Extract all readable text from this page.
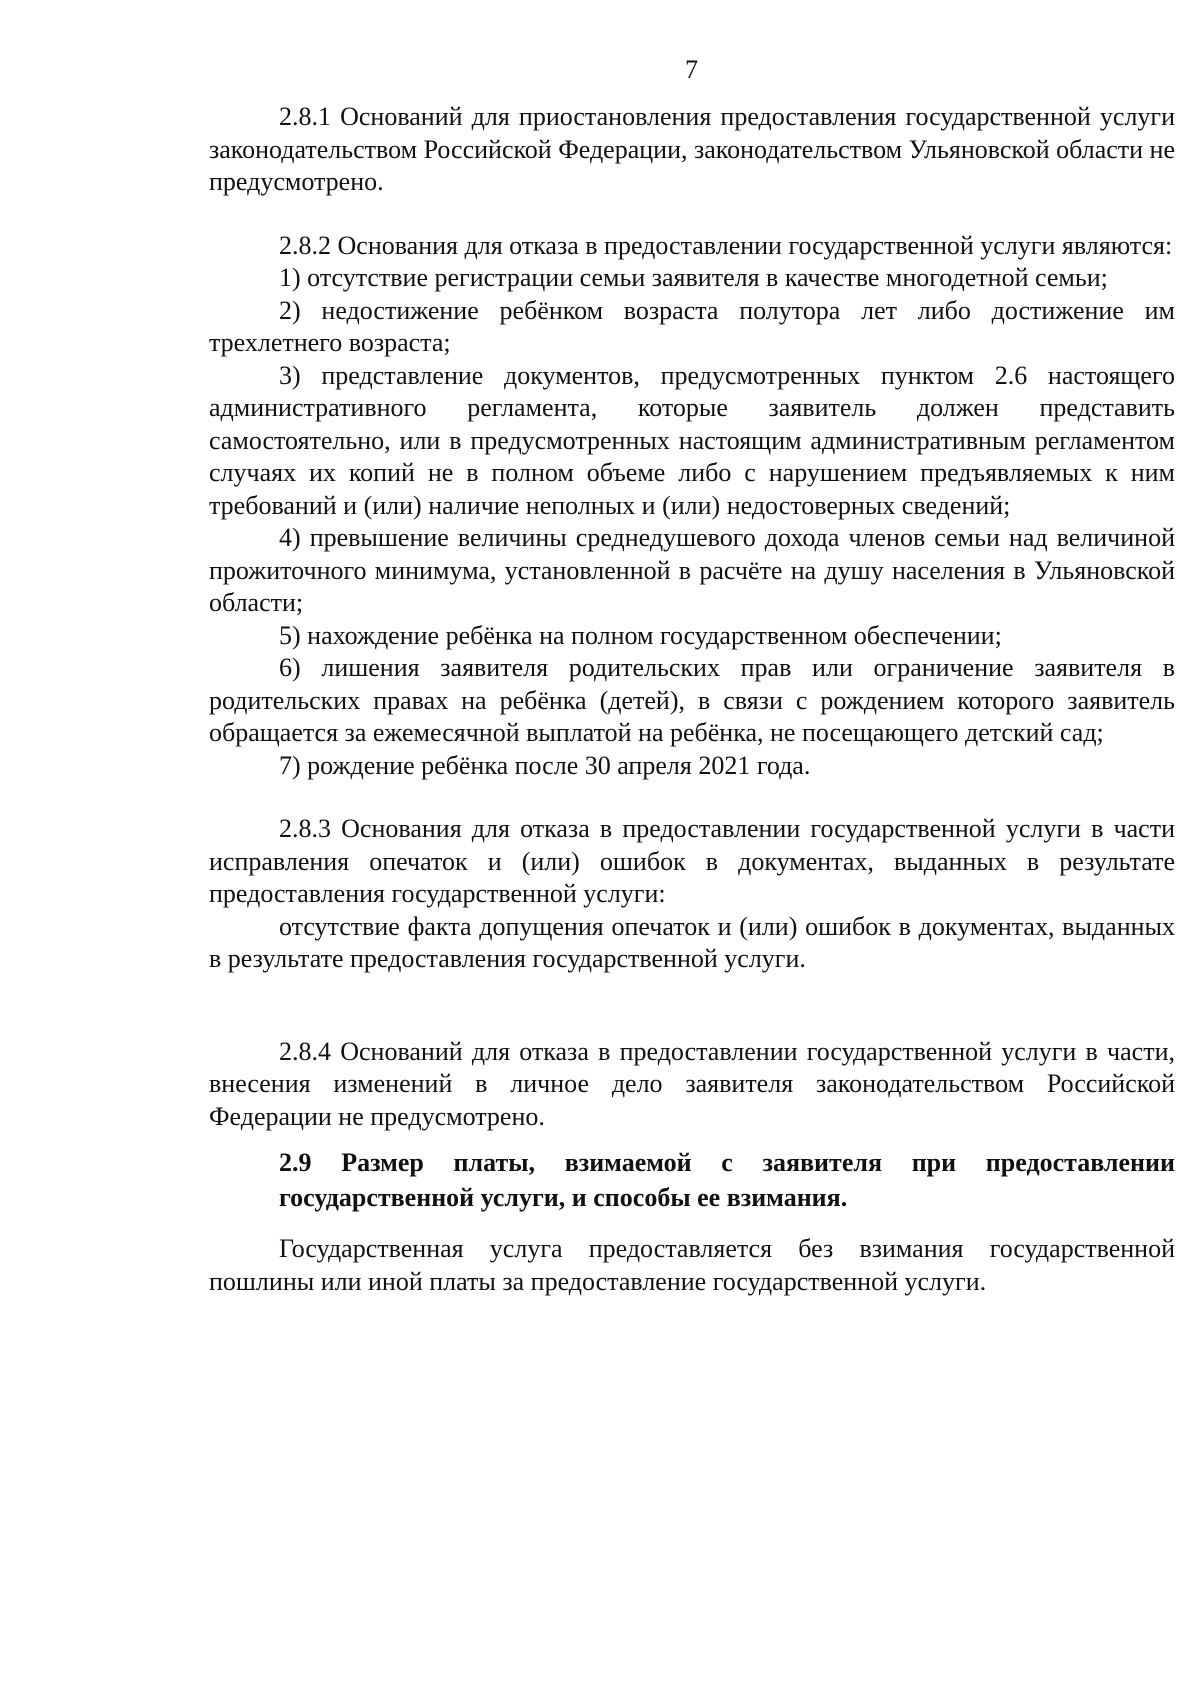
7

2.8.1 Оснований для приостановления предоставления государственной услуги законодательством Российской Федерации, законодательством Ульяновской области не предусмотрено.

2.8.2 Основания для отказа в предоставлении государственной услуги являются:

1) отсутствие регистрации семьи заявителя в качестве многодетной семьи;

2) недостижение ребёнком возраста полутора лет либо достижение им трехлетнего возраста;

3) представление документов, предусмотренных пунктом 2.6 настоящего административного регламента, которые заявитель должен представить самостоятельно, или в предусмотренных настоящим административным регламентом случаях их копий не в полном объеме либо с нарушением предъявляемых к ним требований и (или) наличие неполных и (или) недостоверных сведений;

4) превышение величины среднедушевого дохода членов семьи над величиной прожиточного минимума, установленной в расчёте на душу населения в Ульяновской области;

5) нахождение ребёнка на полном государственном обеспечении;

6) лишения заявителя родительских прав или ограничение заявителя в родительских правах на ребёнка (детей), в связи с рождением которого заявитель обращается за ежемесячной выплатой на ребёнка, не посещающего детский сад;

7) рождение ребёнка после 30 апреля 2021 года.

2.8.3 Основания для отказа в предоставлении государственной услуги в части исправления опечаток и (или) ошибок в документах, выданных в результате предоставления государственной услуги:

отсутствие факта допущения опечаток и (или) ошибок в документах, выданных в результате предоставления государственной услуги.

2.8.4 Оснований для отказа в предоставлении государственной услуги в части, внесения изменений в личное дело заявителя законодательством Российской Федерации не предусмотрено.

2.9 Размер платы, взимаемой с заявителя при предоставлении государственной услуги, и способы ее взимания.

Государственная услуга предоставляется без взимания государственной пошлины или иной платы за предоставление государственной услуги.
